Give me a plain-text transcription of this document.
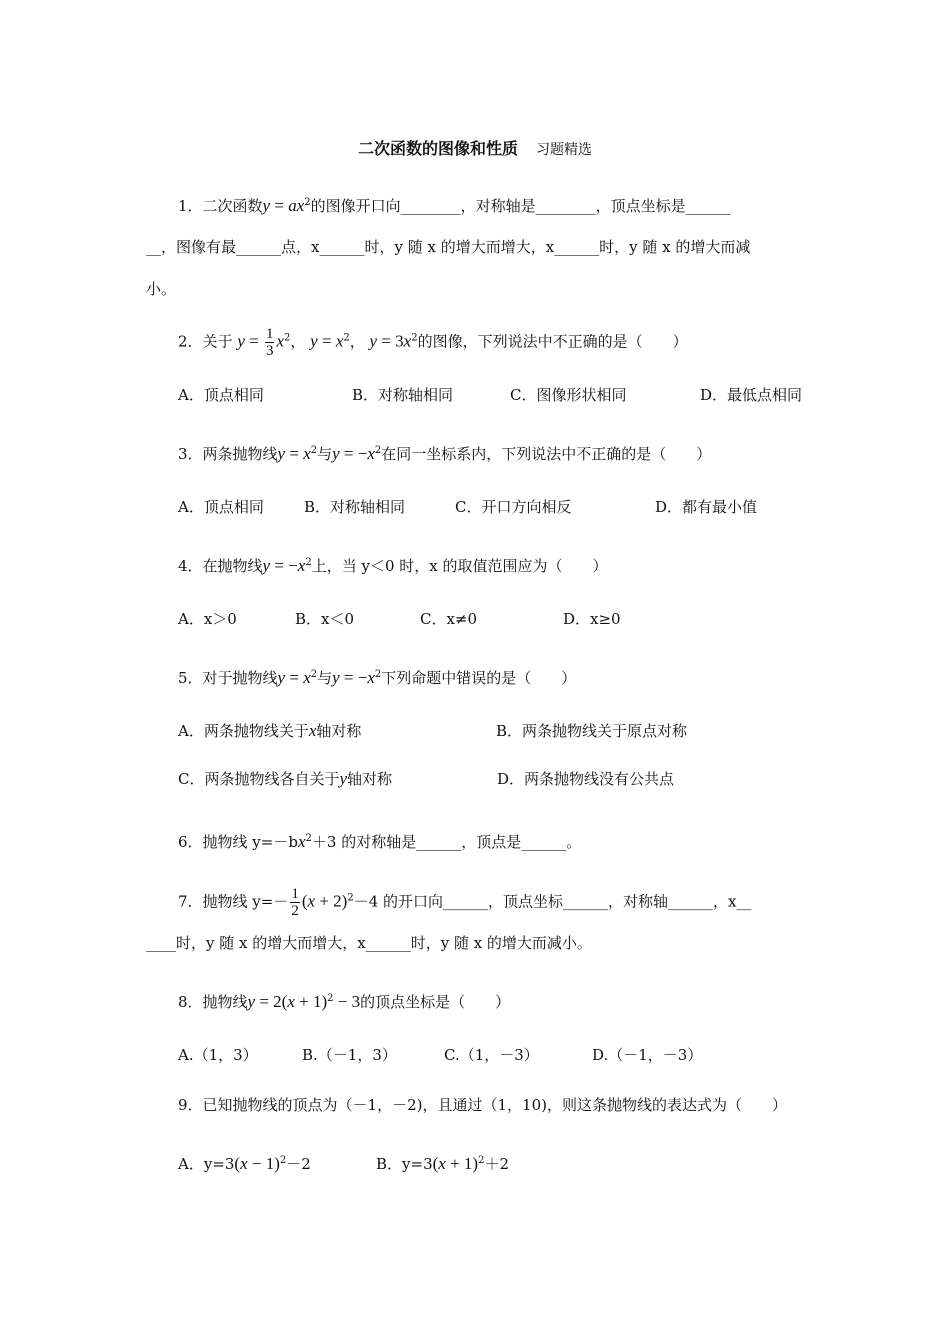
二次函数的图像和性质 习题精选
1．二次函数$y = ax^2$的图像开口向________，对称轴是________，顶点坐标是______
__，图像有最______点，x______时，y 随 x 的增大而增大，x______时，y 随 x 的增大而减
小。
2．关于 $y = \frac{1}{3} x^2$， $y = x^2$， $y = 3x^2$的图像，下列说法中不正确的是（　　）
A．顶点相同	B．对称轴相同	C．图像形状相同	D．最低点相同
3．两条抛物线$y = x^2$与$y = -x^2$在同一坐标系内，下列说法中不正确的是（　　）
A．顶点相同	B．对称轴相同	C．开口方向相反	D．都有最小值
4．在抛物线$y = -x^2$上，当 y＜0 时，x 的取值范围应为（　　）
A．x＞0	B．x＜0	C．x≠0	D．x≥0
5．对于抛物线$y = x^2$与$y = -x^2$下列命题中错误的是（　　）
A．两条抛物线关于x轴对称	B．两条抛物线关于原点对称
C．两条抛物线各自关于y轴对称	D．两条抛物线没有公共点
6．抛物线 $y=-bx^2+3$ 的对称轴是______，顶点是______。
7．抛物线 $y=- \frac{1}{2} (x + 2)^2-4$ 的开口向______，顶点坐标______，对称轴______，x__
____时，y 随 x 的增大而增大，x______时，y 随 x 的增大而减小。
8．抛物线$y = 2(x + 1)^2 - 3$的顶点坐标是（　　）
A.（1，3）	B.（－1，3）	C.（1，－3）	D.（－1，－3）
9．已知抛物线的顶点为（－1，－2)，且通过（1，10)，则这条抛物线的表达式为（　　）
A．$y=3(x - 1)^2-2$	B．$y=3(x + 1)^2+2$
